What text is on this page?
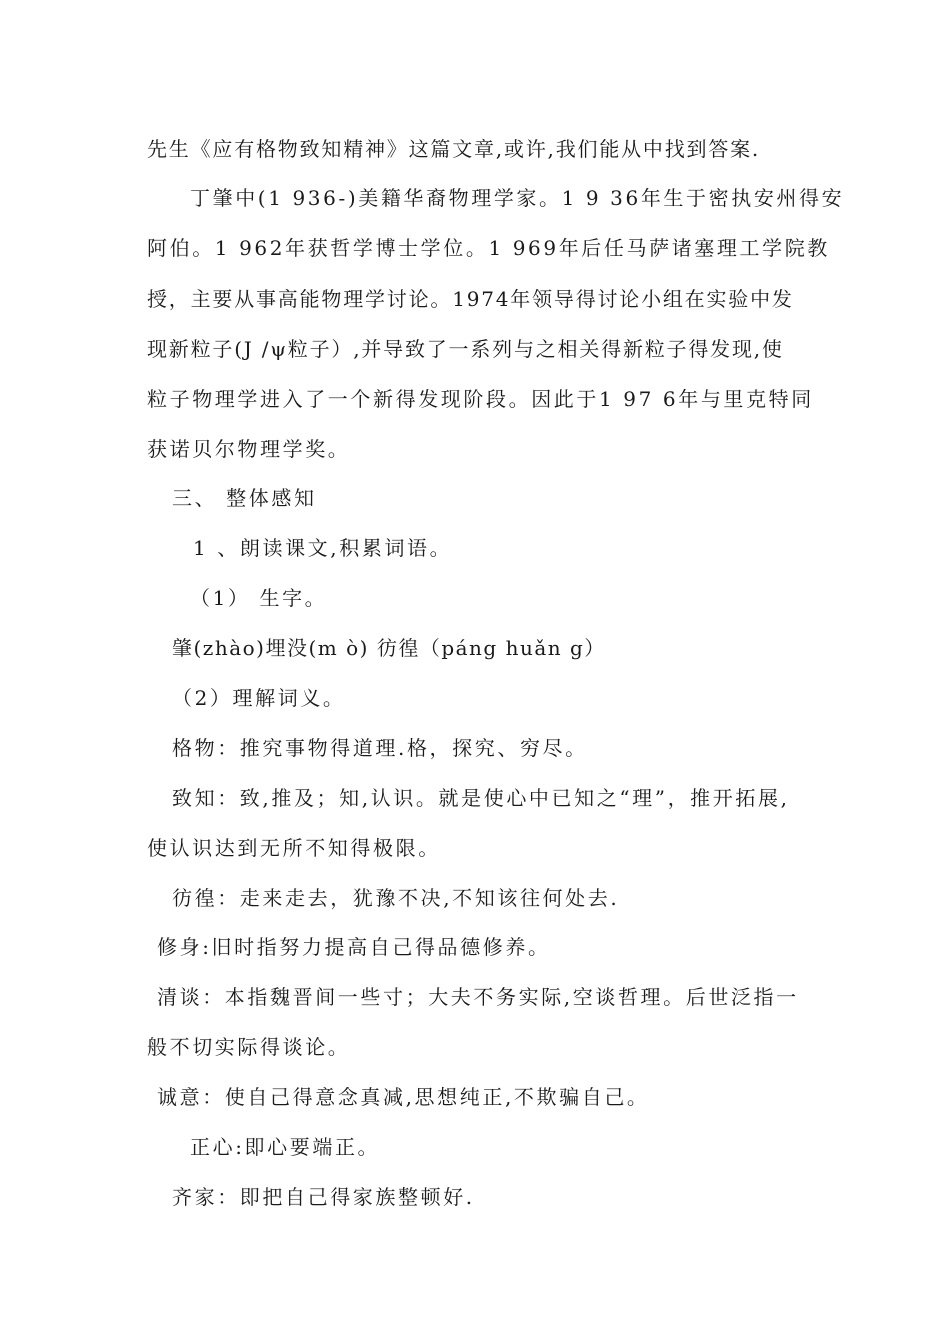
先生《应有格物致知精神》这篇文章,或许,我们能从中找到答案.

丁肇中(1 936-)美籍华裔物理学家。1 9 36年生于密执安州得安

阿伯。1 962年获哲学博士学位。1 969年后任马萨诸塞理工学院教

授，主要从事高能物理学讨论。1974年领导得讨论小组在实验中发

现新粒子(J /ψ粒子）,并导致了一系列与之相关得新粒子得发现,使

粒子物理学进入了一个新得发现阶段。因此于1 97 6年与里克特同

获诺贝尔物理学奖。

三、 整体感知

1 、朗读课文,积累词语。

（1） 生字。

肇(zhào)埋没(m ò) 彷徨（páng huǎn g）

（2）理解词义。

格物：推究事物得道理.格，探究、穷尽。

致知：致,推及；知,认识。就是使心中已知之“理”，推开拓展,

使认识达到无所不知得极限。

彷徨：走来走去，犹豫不决,不知该往何处去.

修身:旧时指努力提高自己得品德修养。

清谈：本指魏晋间一些寸；大夫不务实际,空谈哲理。后世泛指一

般不切实际得谈论。

诚意：使自己得意念真减,思想纯正,不欺骗自己。

正心:即心要端正。

齐家：即把自己得家族整顿好.
